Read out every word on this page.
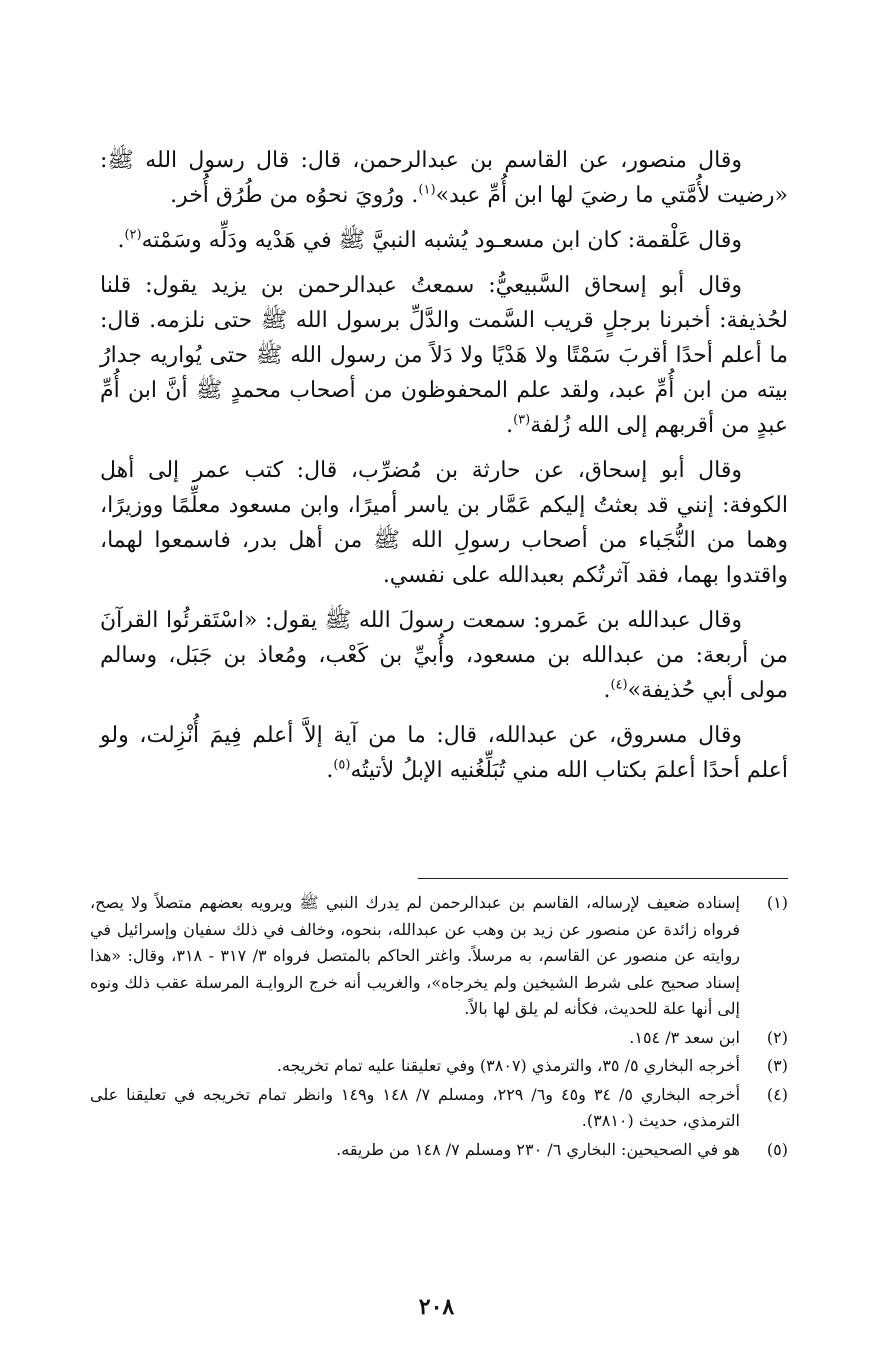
وقال منصور، عن القاسم بن عبدالرحمن، قال: قال رسول الله ﷺ: «رضيت لأُمَّتي ما رضيَ لها ابن أُمِّ عبد»$^{(١)}$. ورُويَ نحوُه من طُرُق أُخر.

وقال عَلْقمة: كان ابن مسعـود يُشبه النبيَّ ﷺ في هَدْيه ودَلِّه وسَمْته$^{(٢)}$.

وقال أبو إسحاق السَّبيعيُّ: سمعتُ عبدالرحمن بن يزيد يقول: قلنا لحُذيفة: أخبرنا برجلٍ قريب السَّمت والدَّلِّ برسول الله ﷺ حتى نلزمه. قال: ما أعلم أحدًا أقربَ سَمْتًا ولا هَدْيًا ولا دَلاً من رسول الله ﷺ حتى يُواريه جدارُ بيته من ابن أُمِّ عبد، ولقد علم المحفوظون من أصحاب محمدٍ ﷺ أنَّ ابن أُمِّ عبدٍ من أقربهم إلى الله زُلفة$^{(٣)}$.

وقال أبو إسحاق، عن حارثة بن مُضرِّب، قال: كتب عمر إلى أهل الكوفة: إنني قد بعثتُ إليكم عَمَّار بن ياسر أميرًا، وابن مسعود معلِّمًا ووزيرًا، وهما من النُّجَباء من أصحاب رسولِ الله ﷺ من أهل بدر، فاسمعوا لهما، واقتدوا بهما، فقد آثرتُكم بعبدالله على نفسي.

وقال عبدالله بن عَمرو: سمعت رسولَ الله ﷺ يقول: «اسْتَقرئُوا القرآنَ من أربعة: من عبدالله بن مسعود، وأُبيِّ بن كَعْب، ومُعاذ بن جَبَل، وسالم مولى أبي حُذيفة»$^{(٤)}$.

وقال مسروق، عن عبدالله، قال: ما من آية إلاَّ أعلم فِيمَ أُنْزِلت، ولو أعلم أحدًا أعلمَ بكتاب الله مني تُبَلِّغُنيه الإبلُ لأتيتُه$^{(٥)}$.

(١)
إسناده ضعيف لإرساله، القاسم بن عبدالرحمن لم يدرك النبي ﷺ ويرويه بعضهم متصلاً ولا يصح، فرواه زائدة عن منصور عن زيد بن وهب عن عبدالله، بنحوه، وخالف في ذلك سفيان وإسرائيل في روايته عن منصور عن القاسم، به مرسلاً. واغتر الحاكم بالمتصل فرواه ٣/ ٣١٧ - ٣١٨، وقال: «هذا إسناد صحيح على شرط الشيخين ولم يخرجاه»، والغريب أنه خرج الروايـة المرسلة عقب ذلك ونوه إلى أنها علة للحديث، فكأنه لم يلق لها بالاً.
(٢)
ابن سعد ٣/ ١٥٤.
(٣)
أخرجه البخاري ٥/ ٣٥، والترمذي (٣٨٠٧) وفي تعليقنا عليه تمام تخريجه.
(٤)
أخرجه البخاري ٥/ ٣٤ و٤٥ و٦/ ٢٢٩، ومسلم ٧/ ١٤٨ و١٤٩ وانظر تمام تخريجه في تعليقنا على الترمذي، حديث (٣٨١٠).
(٥)
هو في الصحيحين: البخاري ٦/ ٢٣٠ ومسلم ٧/ ١٤٨ من طريقه.
٢٠٨
